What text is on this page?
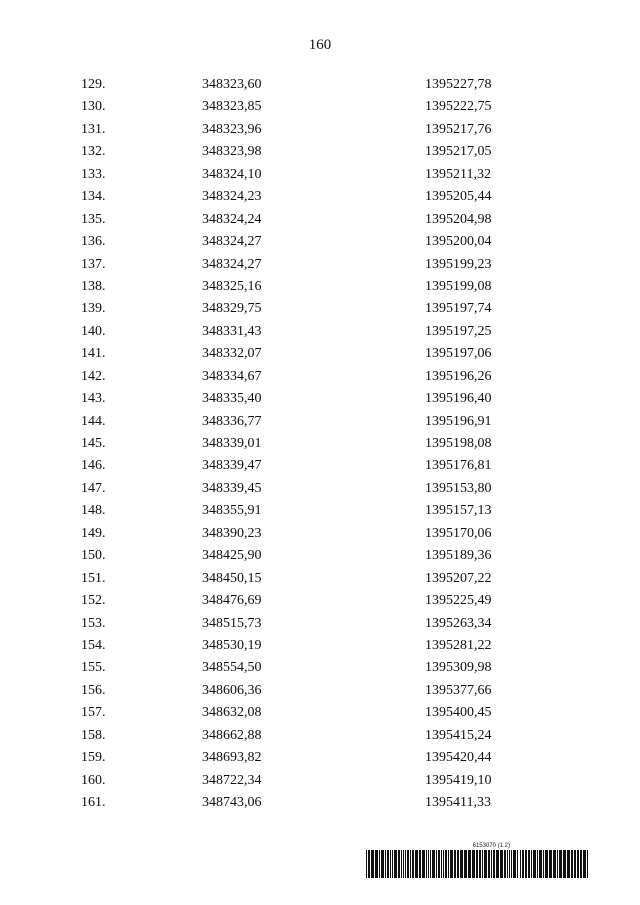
160
129.	348323,60	1395227,78
130.	348323,85	1395222,75
131.	348323,96	1395217,76
132.	348323,98	1395217,05
133.	348324,10	1395211,32
134.	348324,23	1395205,44
135.	348324,24	1395204,98
136.	348324,27	1395200,04
137.	348324,27	1395199,23
138.	348325,16	1395199,08
139.	348329,75	1395197,74
140.	348331,43	1395197,25
141.	348332,07	1395197,06
142.	348334,67	1395196,26
143.	348335,40	1395196,40
144.	348336,77	1395196,91
145.	348339,01	1395198,08
146.	348339,47	1395176,81
147.	348339,45	1395153,80
148.	348355,91	1395157,13
149.	348390,23	1395170,06
150.	348425,90	1395189,36
151.	348450,15	1395207,22
152.	348476,69	1395225,49
153.	348515,73	1395263,34
154.	348530,19	1395281,22
155.	348554,50	1395309,98
156.	348606,36	1395377,66
157.	348632,08	1395400,45
158.	348662,88	1395415,24
159.	348693,82	1395420,44
160.	348722,34	1395419,10
161.	348743,06	1395411,33
6153070 (1.2)
